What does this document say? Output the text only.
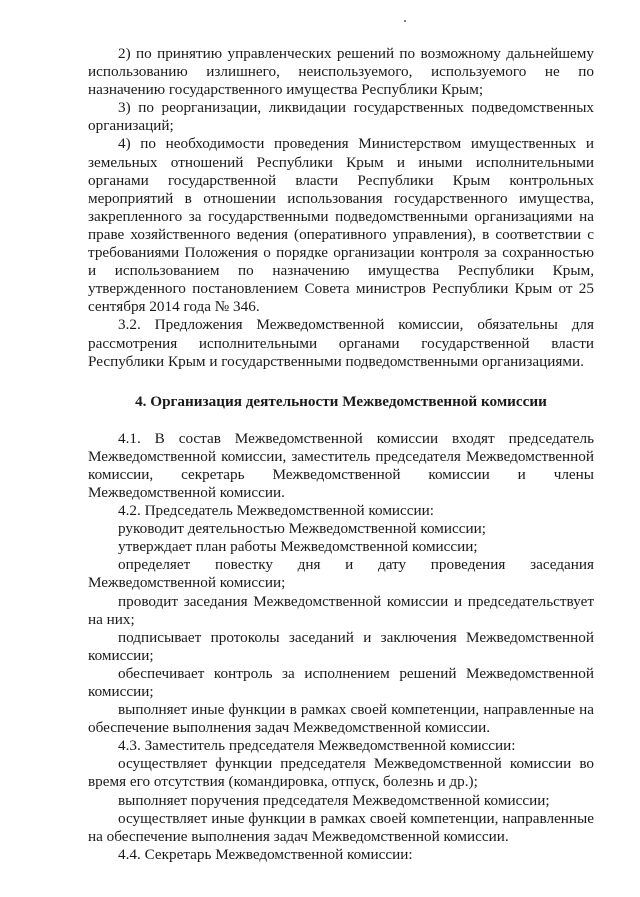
2) по принятию управленческих решений по возможному дальнейшему использованию излишнего, неиспользуемого, используемого не по назначению государственного имущества Республики Крым;

3) по реорганизации, ликвидации государственных подведомственных организаций;

4) по необходимости проведения Министерством имущественных и земельных отношений Республики Крым и иными исполнительными органами государственной власти Республики Крым контрольных мероприятий в отношении использования государственного имущества, закрепленного за государственными подведомственными организациями на праве хозяйственного ведения (оперативного управления), в соответствии с требованиями Положения о порядке организации контроля за сохранностью и использованием по назначению имущества Республики Крым, утвержденного постановлением Совета министров Республики Крым от 25 сентября 2014 года № 346.

3.2. Предложения Межведомственной комиссии, обязательны для рассмотрения исполнительными органами государственной власти Республики Крым и государственными подведомственными организациями.

4. Организация деятельности Межведомственной комиссии

4.1. В состав Межведомственной комиссии входят председатель Межведомственной комиссии, заместитель председателя Межведомственной комиссии, секретарь Межведомственной комиссии и члены Межведомственной комиссии.

4.2. Председатель Межведомственной комиссии:

руководит деятельностью Межведомственной комиссии;

утверждает план работы Межведомственной комиссии;

определяет повестку дня и дату проведения заседания Межведомственной комиссии;

проводит заседания Межведомственной комиссии и председательствует на них;

подписывает протоколы заседаний и заключения Межведомственной комиссии;

обеспечивает контроль за исполнением решений Межведомственной комиссии;

выполняет иные функции в рамках своей компетенции, направленные на обеспечение выполнения задач Межведомственной комиссии.

4.3. Заместитель председателя Межведомственной комиссии:

осуществляет функции председателя Межведомственной комиссии во время его отсутствия (командировка, отпуск, болезнь и др.);

выполняет поручения председателя Межведомственной комиссии;

осуществляет иные функции в рамках своей компетенции, направленные на обеспечение выполнения задач Межведомственной комиссии.

4.4. Секретарь Межведомственной комиссии:
